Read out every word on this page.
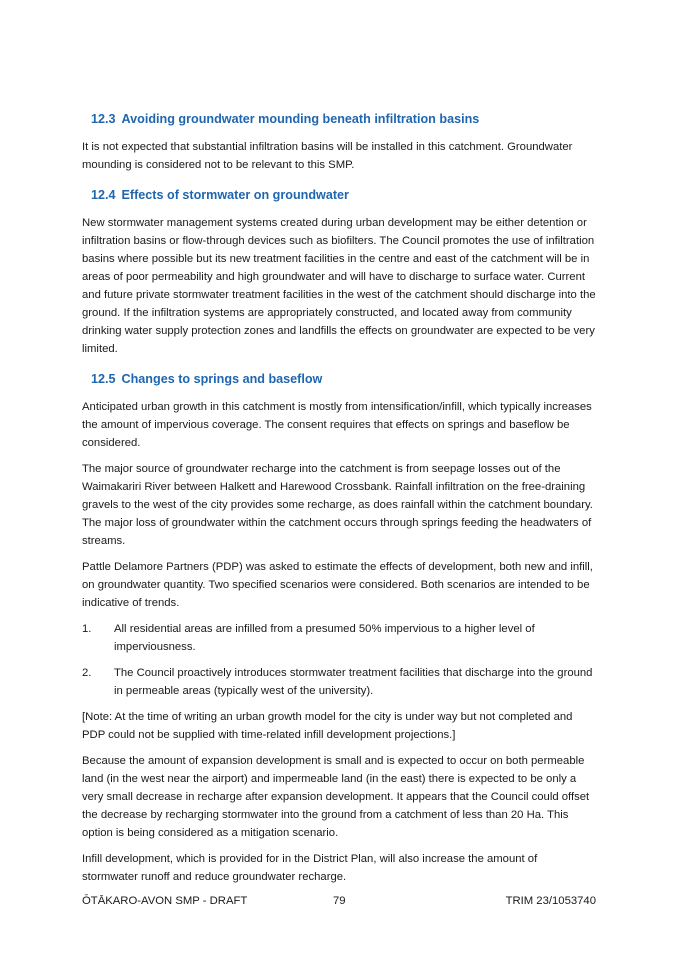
12.3 Avoiding groundwater mounding beneath infiltration basins

It is not expected that substantial infiltration basins will be installed in this catchment. Groundwater mounding is considered not to be relevant to this SMP.

12.4 Effects of stormwater on groundwater

New stormwater management systems created during urban development may be either detention or infiltration basins or flow-through devices such as biofilters. The Council promotes the use of infiltration basins where possible but its new treatment facilities in the centre and east of the catchment will be in areas of poor permeability and high groundwater and will have to discharge to surface water. Current and future private stormwater treatment facilities in the west of the catchment should discharge into the ground. If the infiltration systems are appropriately constructed, and located away from community drinking water supply protection zones and landfills the effects on groundwater are expected to be very limited.

12.5 Changes to springs and baseflow

Anticipated urban growth in this catchment is mostly from intensification/infill, which typically increases the amount of impervious coverage. The consent requires that effects on springs and baseflow be considered.

The major source of groundwater recharge into the catchment is from seepage losses out of the Waimakariri River between Halkett and Harewood Crossbank. Rainfall infiltration on the free-draining gravels to the west of the city provides some recharge, as does rainfall within the catchment boundary. The major loss of groundwater within the catchment occurs through springs feeding the headwaters of streams.

Pattle Delamore Partners (PDP) was asked to estimate the effects of development, both new and infill, on groundwater quantity. Two specified scenarios were considered. Both scenarios are intended to be indicative of trends.

1. All residential areas are infilled from a presumed 50% impervious to a higher level of imperviousness.
2. The Council proactively introduces stormwater treatment facilities that discharge into the ground in permeable areas (typically west of the university).

[Note: At the time of writing an urban growth model for the city is under way but not completed and PDP could not be supplied with time-related infill development projections.]

Because the amount of expansion development is small and is expected to occur on both permeable land (in the west near the airport) and impermeable land (in the east) there is expected to be only a very small decrease in recharge after expansion development. It appears that the Council could offset the decrease by recharging stormwater into the ground from a catchment of less than 20 Ha. This option is being considered as a mitigation scenario.

Infill development, which is provided for in the District Plan, will also increase the amount of stormwater runoff and reduce groundwater recharge.

ŌTĀKARO-AVON SMP - DRAFT	79	TRIM 23/1053740
